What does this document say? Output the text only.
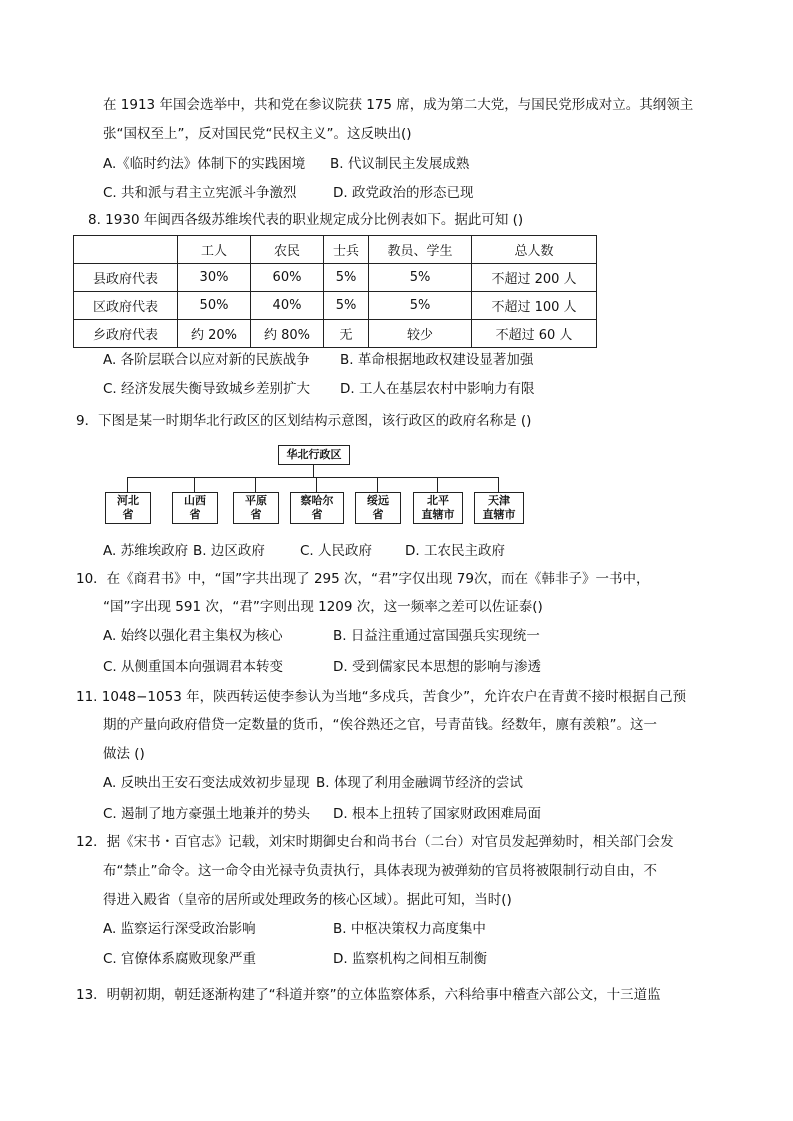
在 1913 年国会选举中，共和党在参议院获 175 席，成为第二大党，与国民党形成对立。其纲领主
张“国权至上”，反对国民党“民权主义”。这反映出()
A.《临时约法》体制下的实践困境 B. 代议制民主发展成熟
C. 共和派与君主立宪派斗争激烈	D. 政党政治的形态已现
8. 1930 年闽西各级苏维埃代表的职业规定成分比例表如下。据此可知 ()
	工人	农民	士兵	教员、学生	总人数
县政府代表	30%	60%	5%	5%	不超过 200 人
区政府代表	50%	40%	5%	5%	不超过 100 人
乡政府代表	约 20%	约 80%	无	较少	不超过 60 人
A. 各阶层联合以应对新的民族战争 B. 革命根据地政权建设显著加强
C. 经济发展失衡导致城乡差别扩大 D. 工人在基层农村中影响力有限
9．下图是某一时期华北行政区的区划结构示意图，该行政区的政府名称是 ()
华北行政区
河北
省
山西
省
平原
省
察哈尔
省
绥远
省
北平
直辖市
天津
直辖市
A. 苏维埃政府 B. 边区政府	C. 人民政府 D. 工农民主政府
10．在《商君书》中，“国”字共出现了 295 次，“君”字仅出现 79次，而在《韩非子》一书中，
“国”字出现 591 次，“君”字则出现 1209 次，这一频率之差可以佐证泰()
A. 始终以强化君主集权为核心	B. 日益注重通过富国强兵实现统一
C. 从侧重国本向强调君本转变	D. 受到儒家民本思想的影响与渗透
11. 1048−1053 年，陕西转运使李参认为当地“多戍兵，苦食少”，允许农户在青黄不接时根据自己预
期的产量向政府借贷一定数量的货币，“俟谷熟还之官，号青苗钱。经数年，廪有羡粮”。这一
做法 ()
A. 反映出王安石变法成效初步显现 B. 体现了利用金融调节经济的尝试
C. 遏制了地方豪强土地兼并的势头 D. 根本上扭转了国家财政困难局面
12．据《宋书・百官志》记载，刘宋时期御史台和尚书台（二台）对官员发起弹劾时，相关部门会发
布“禁止”命令。这一命令由光禄寺负责执行，具体表现为被弹劾的官员将被限制行动自由，不
得进入殿省（皇帝的居所或处理政务的核心区域）。据此可知，当时()
A. 监察运行深受政治影响	B. 中枢决策权力高度集中
C. 官僚体系腐败现象严重	D. 监察机构之间相互制衡
13．明朝初期，朝廷逐渐构建了“科道并察”的立体监察体系，六科给事中稽查六部公文，十三道监
